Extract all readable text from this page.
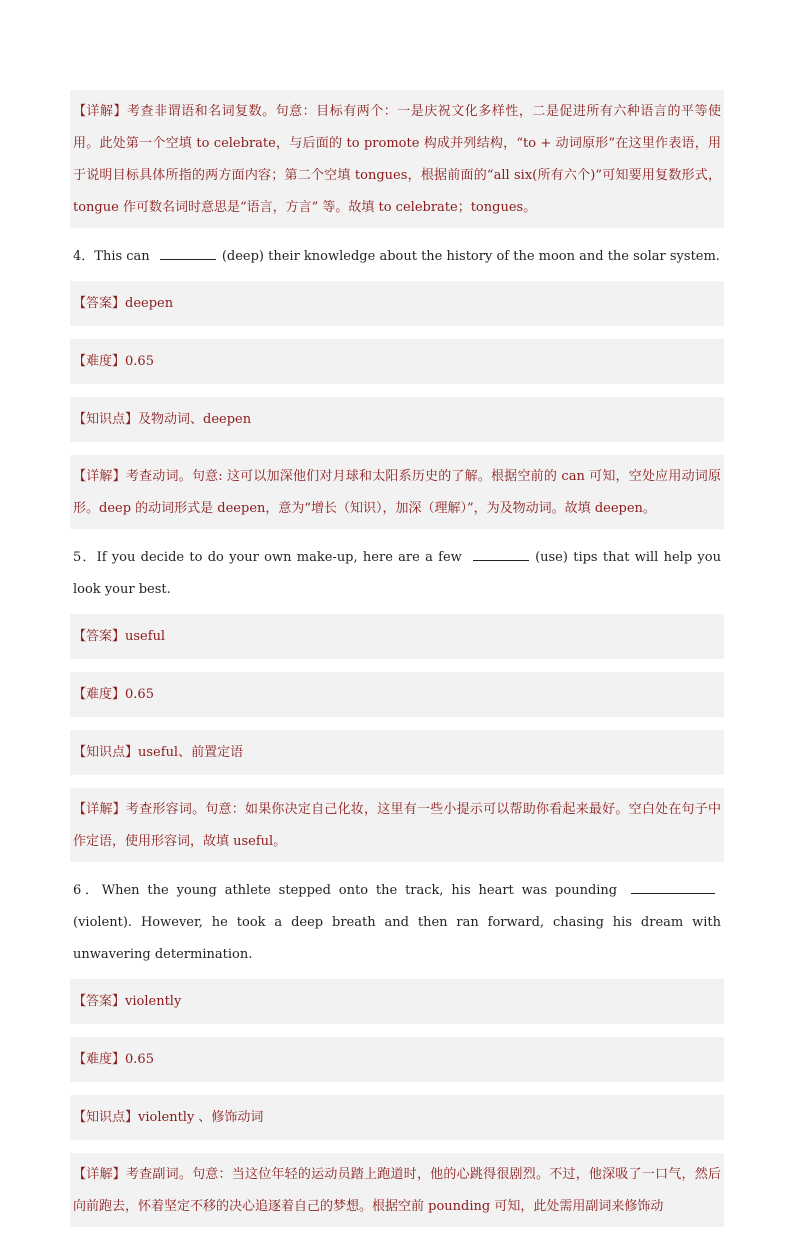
【详解】考查非谓语和名词复数。句意：目标有两个：一是庆祝文化多样性，二是促进所有六种语言的平等使用。此处第一个空填 to celebrate，与后面的 to promote 构成并列结构，“to + 动词原形”在这里作表语，用于说明目标具体所指的两方面内容；第二个空填 tongues，根据前面的“all six(所有六个)”可知要用复数形式，tongue 作可数名词时意思是“语言，方言” 等。故填 to celebrate；tongues。
4．This can	(deep) their knowledge about the history of the moon and the solar system.
【答案】deepen
【难度】0.65
【知识点】及物动词、deepen
【详解】考查动词。句意: 这可以加深他们对月球和太阳系历史的了解。根据空前的 can 可知，空处应用动词原形。deep 的动词形式是 deepen，意为“增长（知识），加深（理解）”，为及物动词。故填 deepen。
5．If you decide to do your own make-up, here are a few	(use) tips that will help you look your best.
【答案】useful
【难度】0.65
【知识点】useful、前置定语
【详解】考查形容词。句意：如果你决定自己化妆，这里有一些小提示可以帮助你看起来最好。空白处在句子中作定语，使用形容词，故填 useful。
6．When the young athlete stepped onto the track, his heart was pounding (violent). However, he took a deep breath and then ran forward, chasing his dream with unwavering determination.
【答案】violently
【难度】0.65
【知识点】violently 、修饰动词
【详解】考查副词。句意：当这位年轻的运动员踏上跑道时，他的心跳得很剧烈。不过，他深吸了一口气，然后向前跑去，怀着坚定不移的决心追逐着自己的梦想。根据空前 pounding 可知，此处需用副词来修饰动
